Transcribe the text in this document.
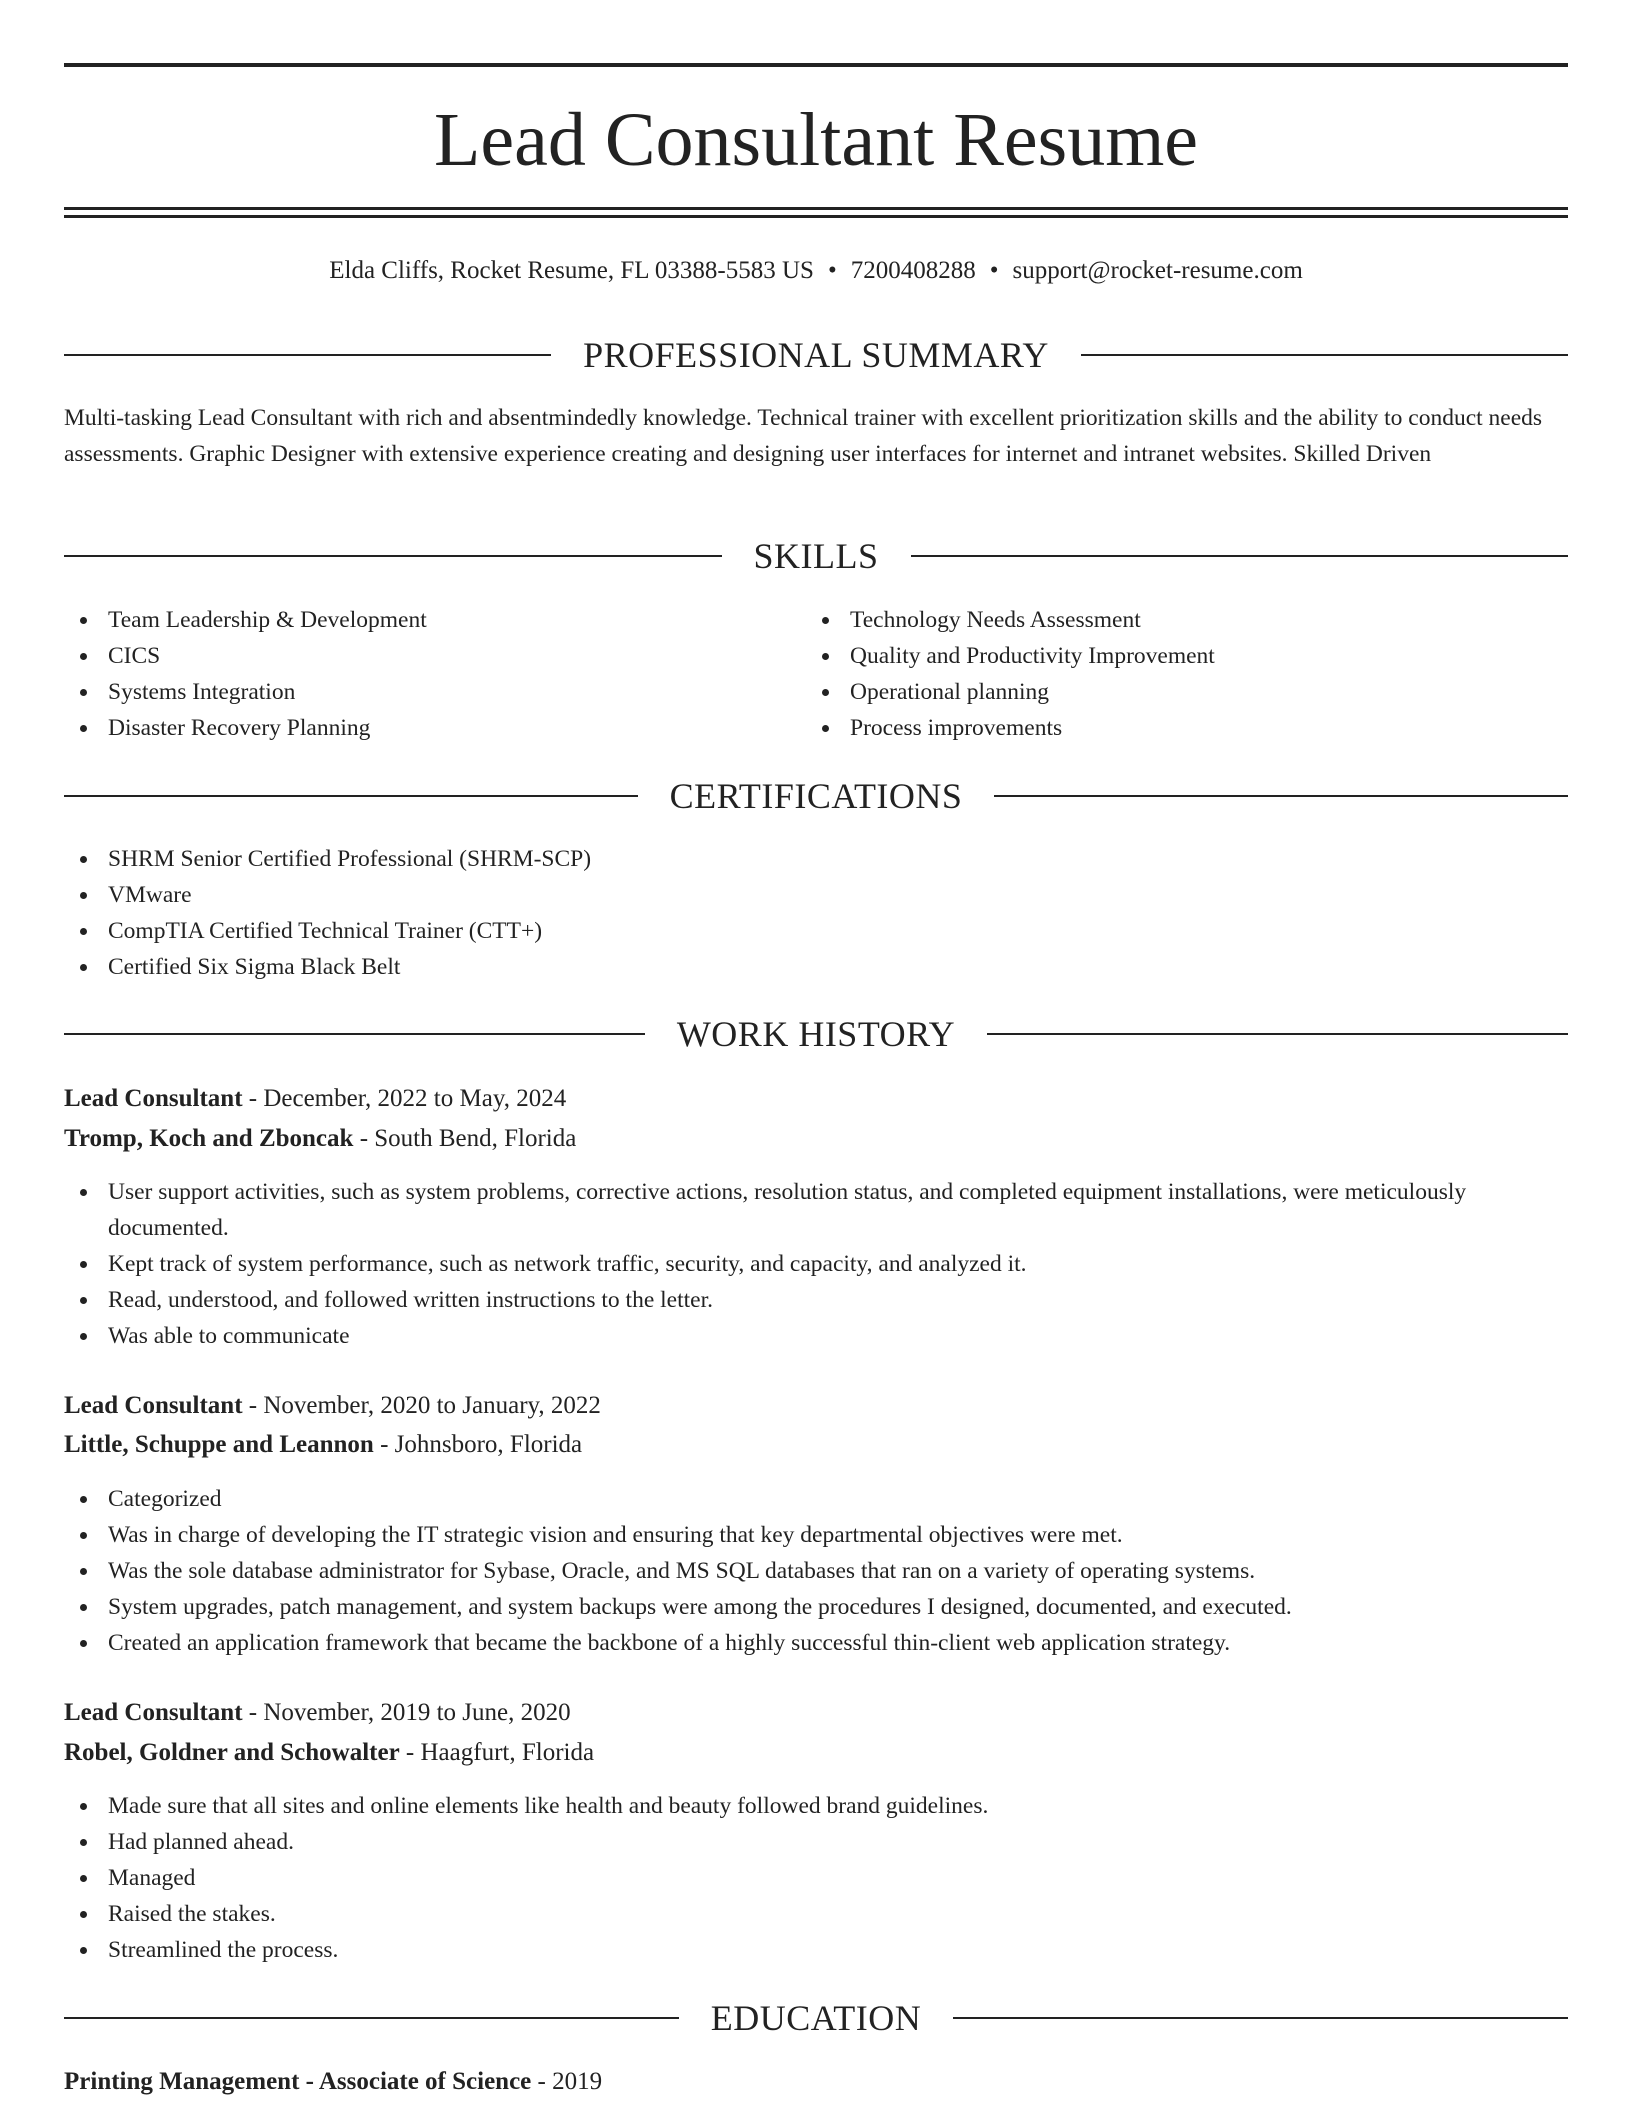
Lead Consultant Resume
Elda Cliffs, Rocket Resume, FL 03388-5583 US • 7200408288 • support@rocket-resume.com
PROFESSIONAL SUMMARY

Multi-tasking Lead Consultant with rich and absentmindedly knowledge. Technical trainer with excellent prioritization skills and the ability to conduct needs assessments. Graphic Designer with extensive experience creating and designing user interfaces for internet and intranet websites. Skilled Driven

SKILLS
Team Leadership & Development
CICS
Systems Integration
Disaster Recovery Planning
Technology Needs Assessment
Quality and Productivity Improvement
Operational planning
Process improvements
CERTIFICATIONS
SHRM Senior Certified Professional (SHRM-SCP)
VMware
CompTIA Certified Technical Trainer (CTT+)
Certified Six Sigma Black Belt
WORK HISTORY
Lead Consultant - December, 2022 to May, 2024
Tromp, Koch and Zboncak - South Bend, Florida
User support activities, such as system problems, corrective actions, resolution status, and completed equipment installations, were meticulously documented.
Kept track of system performance, such as network traffic, security, and capacity, and analyzed it.
Read, understood, and followed written instructions to the letter.
Was able to communicate
Lead Consultant - November, 2020 to January, 2022
Little, Schuppe and Leannon - Johnsboro, Florida
Categorized
Was in charge of developing the IT strategic vision and ensuring that key departmental objectives were met.
Was the sole database administrator for Sybase, Oracle, and MS SQL databases that ran on a variety of operating systems.
System upgrades, patch management, and system backups were among the procedures I designed, documented, and executed.
Created an application framework that became the backbone of a highly successful thin-client web application strategy.
Lead Consultant - November, 2019 to June, 2020
Robel, Goldner and Schowalter - Haagfurt, Florida
Made sure that all sites and online elements like health and beauty followed brand guidelines.
Had planned ahead.
Managed
Raised the stakes.
Streamlined the process.
EDUCATION
Printing Management - Associate of Science - 2019
